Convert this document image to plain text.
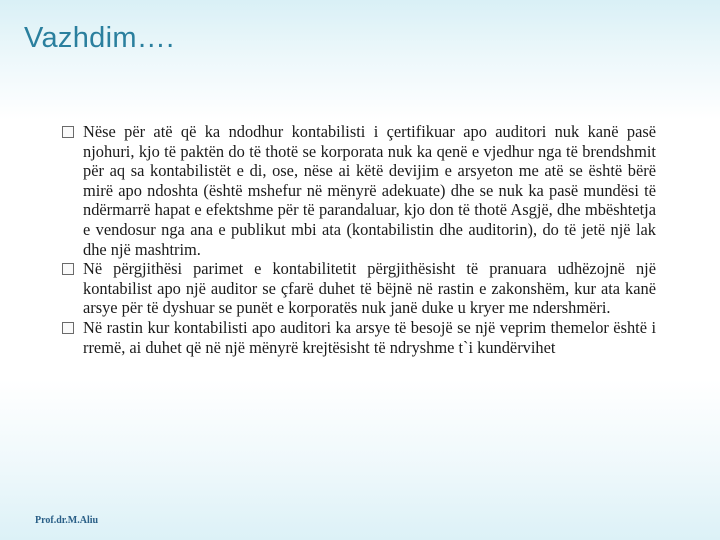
Vazhdim….
Nëse për atë që ka ndodhur kontabilisti i çertifikuar apo auditori nuk kanë pasë njohuri, kjo të paktën do të thotë se korporata nuk ka qenë e vjedhur nga të brendshmit për aq sa kontabilistët e di, ose, nëse ai këtë devijim e arsyeton me atë se është bërë mirë apo ndoshta (është mshefur në mënyrë adekuate) dhe se nuk ka pasë mundësi të ndërmarrë hapat e efektshme për të parandaluar, kjo don të thotë Asgjë, dhe mbështetja e vendosur nga ana e publikut mbi ata (kontabilistin dhe auditorin), do të jetë një lak dhe një mashtrim.
Në përgjithësi parimet e kontabilitetit përgjithësisht të pranuara udhëzojnë një kontabilist apo një auditor se çfarë duhet të bëjnë në rastin e zakonshëm, kur ata kanë arsye për të dyshuar se punët e korporatës nuk janë duke u kryer me ndershmëri.
Në rastin kur kontabilisti apo auditori ka arsye të besojë se një veprim themelor është i rremë, ai duhet që në një mënyrë krejtësisht të ndryshme t`i kundërvihet
Prof.dr.M.Aliu
